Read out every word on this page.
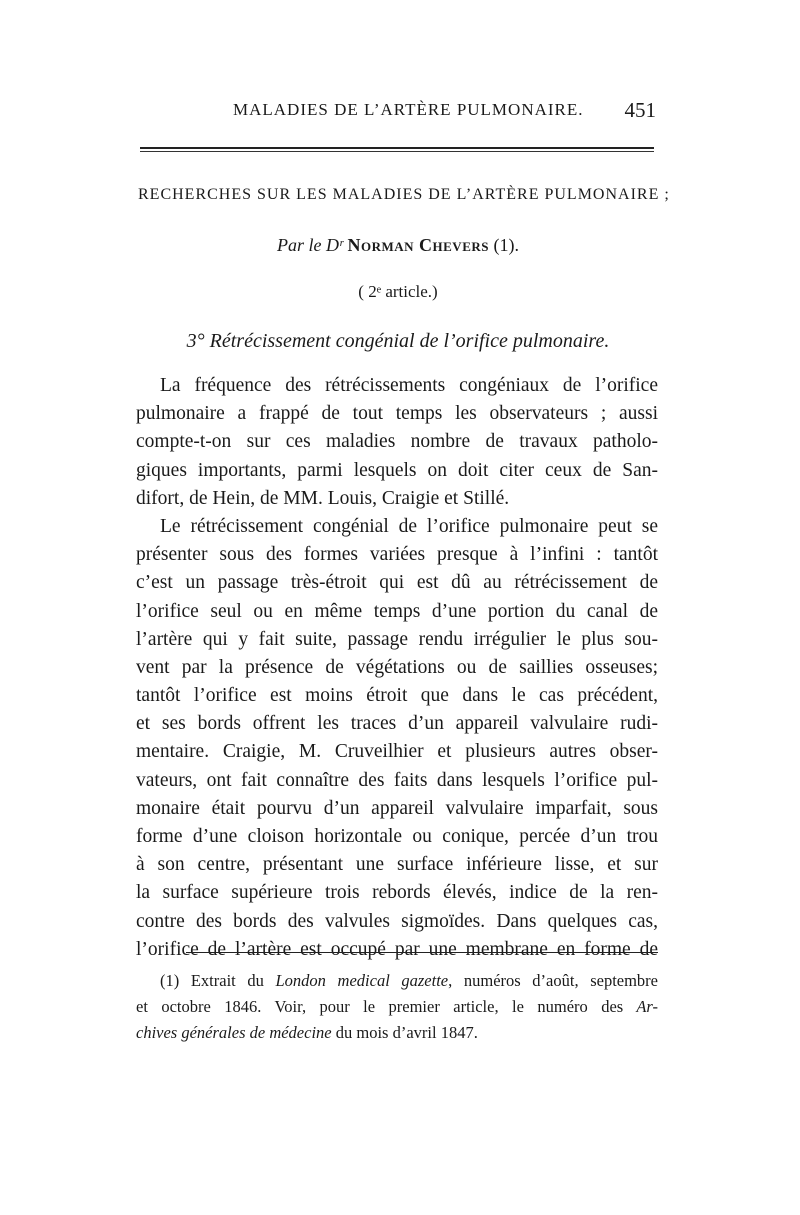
MALADIES DE L’ARTÈRE PULMONAIRE. 451
RECHERCHES SUR LES MALADIES DE L’ARTÈRE PULMONAIRE ;
Par le Dʳ Norman Chevers (1).
( 2ᵉ article.)
3° Rétrécissement congénial de l’orifice pulmonaire.
La fréquence des rétrécissements congéniaux de l’orifice
pulmonaire a frappé de tout temps les observateurs ; aussi
compte-t-on sur ces maladies nombre de travaux patholo-
giques importants, parmi lesquels on doit citer ceux de San-
difort, de Hein, de MM. Louis, Craigie et Stillé.
Le rétrécissement congénial de l’orifice pulmonaire peut se
présenter sous des formes variées presque à l’infini : tantôt
c’est un passage très-étroit qui est dû au rétrécissement de
l’orifice seul ou en même temps d’une portion du canal de
l’artère qui y fait suite, passage rendu irrégulier le plus sou-
vent par la présence de végétations ou de saillies osseuses;
tantôt l’orifice est moins étroit que dans le cas précédent,
et ses bords offrent les traces d’un appareil valvulaire rudi-
mentaire. Craigie, M. Cruveilhier et plusieurs autres obser-
vateurs, ont fait connaître des faits dans lesquels l’orifice pul-
monaire était pourvu d’un appareil valvulaire imparfait, sous
forme d’une cloison horizontale ou conique, percée d’un trou
à son centre, présentant une surface inférieure lisse, et sur
la surface supérieure trois rebords élevés, indice de la ren-
contre des bords des valvules sigmoïdes. Dans quelques cas,
l’orifice de l’artère est occupé par une membrane en forme de
(1) Extrait du London medical gazette, numéros d’août, septembre
et octobre 1846. Voir, pour le premier article, le numéro des Ar-
chives générales de médecine du mois d’avril 1847.
